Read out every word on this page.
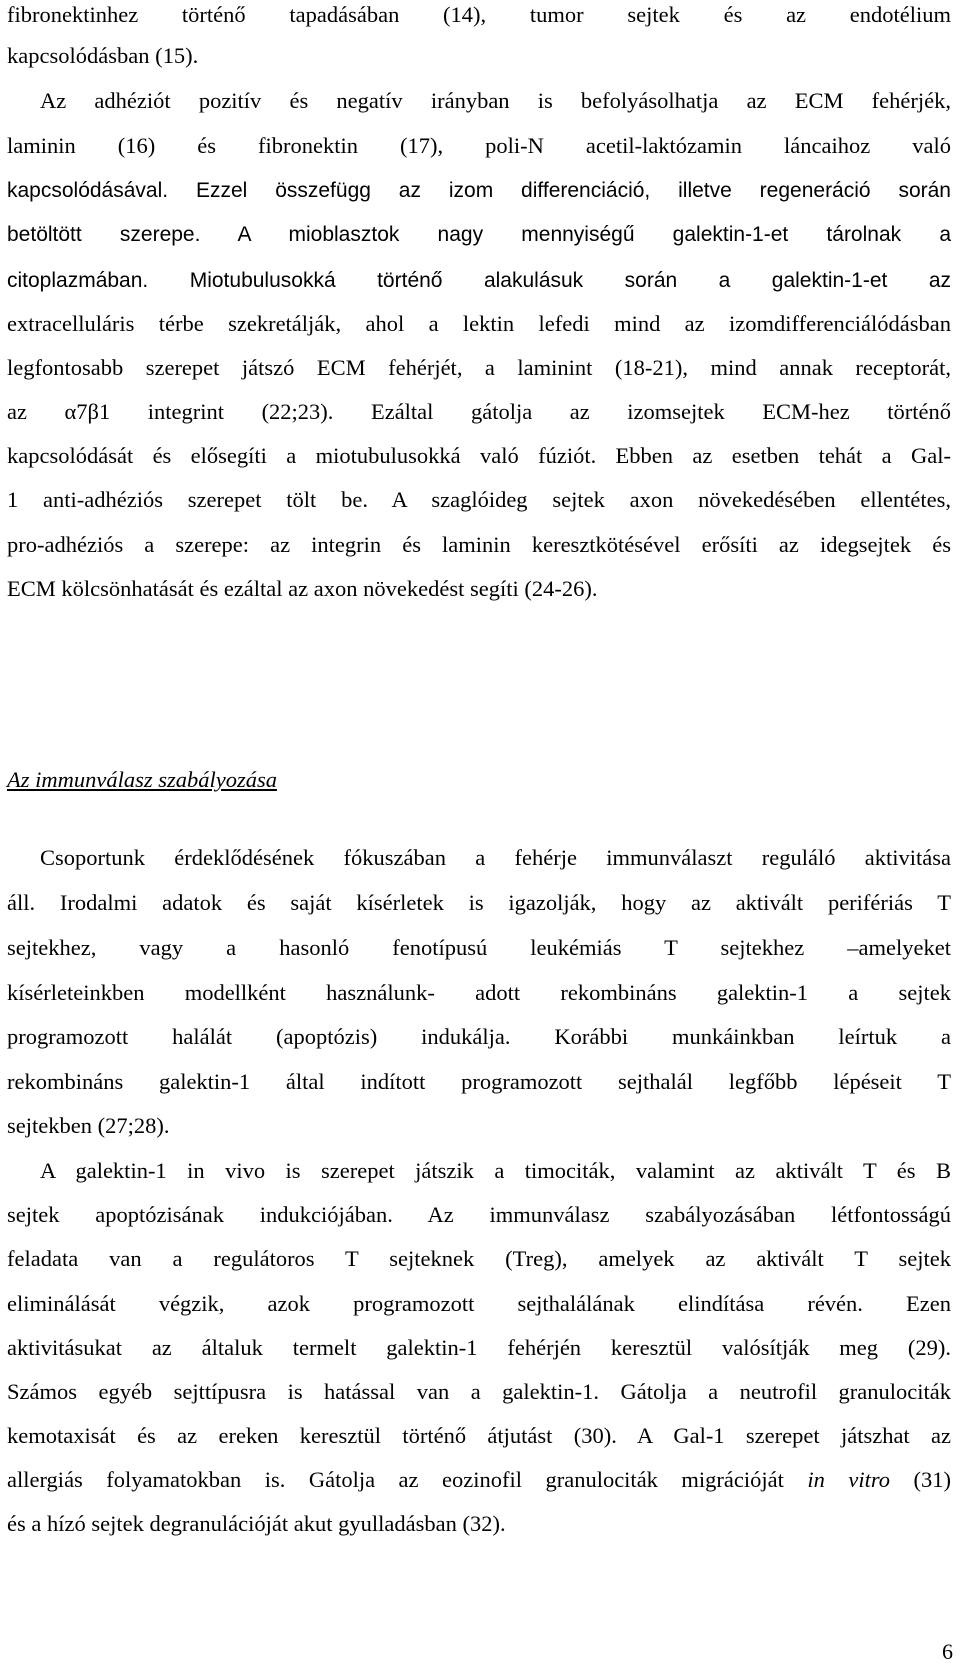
fibronektinhez történő tapadásában (14), tumor sejtek és az endotélium
kapcsolódásban (15).
Az adhéziót pozitív és negatív irányban is befolyásolhatja az ECM fehérjék,
laminin (16) és fibronektin (17), poli-N acetil-laktózamin láncaihoz való
kapcsolódásával. Ezzel összefügg az izom differenciáció, illetve regeneráció során
betöltött szerepe. A mioblasztok nagy mennyiségű galektin-1-et tárolnak a
citoplazmában. Miotubulusokká történő alakulásuk során a galektin-1-et az
extracelluláris térbe szekretálják, ahol a lektin lefedi mind az izomdifferenciálódásban
legfontosabb szerepet játszó ECM fehérjét, a laminint (18-21), mind annak receptorát,
az α7β1 integrint (22;23). Ezáltal gátolja az izomsejtek ECM-hez történő
kapcsolódását és elősegíti a miotubulusokká való fúziót. Ebben az esetben tehát a Gal-
1 anti-adhéziós szerepet tölt be. A szaglóideg sejtek axon növekedésében ellentétes,
pro-adhéziós a szerepe: az integrin és laminin keresztkötésével erősíti az idegsejtek és
ECM kölcsönhatását és ezáltal az axon növekedést segíti (24-26).
Az immunválasz szabályozása
Csoportunk érdeklődésének fókuszában a fehérje immunválaszt reguláló aktivitása
áll. Irodalmi adatok és saját kísérletek is igazolják, hogy az aktivált perifériás T
sejtekhez, vagy a hasonló fenotípusú leukémiás T sejtekhez –amelyeket
kísérleteinkben modellként használunk- adott rekombináns galektin-1 a sejtek
programozott halálát (apoptózis) indukálja. Korábbi munkáinkban leírtuk a
rekombináns galektin-1 által indított programozott sejthalál legfőbb lépéseit T
sejtekben (27;28).
A galektin-1 in vivo is szerepet játszik a timociták, valamint az aktivált T és B
sejtek apoptózisának indukciójában. Az immunválasz szabályozásában létfontosságú
feladata van a regulátoros T sejteknek (Treg), amelyek az aktivált T sejtek
eliminálását végzik, azok programozott sejthalálának elindítása révén. Ezen
aktivitásukat az általuk termelt galektin-1 fehérjén keresztül valósítják meg (29).
Számos egyéb sejttípusra is hatással van a galektin-1. Gátolja a neutrofil granulociták
kemotaxisát és az ereken keresztül történő átjutást (30). A Gal-1 szerepet játszhat az
allergiás folyamatokban is. Gátolja az eozinofil granulociták migrációját in vitro (31)
és a hízó sejtek degranulációját akut gyulladásban (32).
6
